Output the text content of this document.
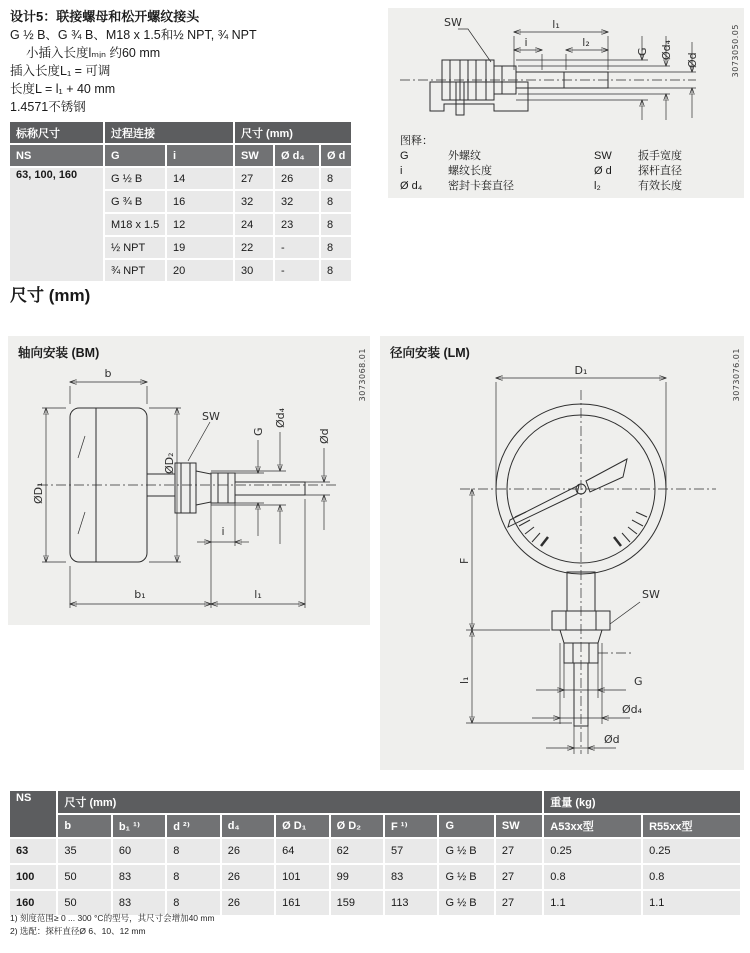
设计5：联接螺母和松开螺纹接头

G ½ B、G ¾ B、M18 x 1.5和½ NPT, ¾ NPT

小插入长度lₘᵢₙ 约60 mm

插入长度L₁ = 可调

长度L = l₁ + 40 mm

1.4571不锈钢

标称尺寸	过程连接		尺寸 (mm)		
NS	G	i	SW	Ø d₄	Ø d
63, 100, 160	G ½ B	14	27	26	8
	G ¾ B	16	32	32	8
	M18 x 1.5	12	24	23	8
	½ NPT	19	22	-	8
	¾ NPT	20	30	-	8
l₁
i	l₂
SW
G Ød₄
Ød	3073050.05
图释：
G	外螺纹	SW	扳手宽度
i	螺纹长度	Ø d	探杆直径
Ø d₄	密封卡套直径	l₂	有效长度
尺寸 (mm)
轴向安装 (BM)	3073068.01
b
ØD₁
ØD₂
SW
G
Ød₄
Ød
i
b₁	l₁
径向安装 (LM)	3073076.01
D₁
F
l₁
SW
G
Ød₄
Ød
NS	尺寸 (mm)									重量 (kg)	
	b	b₁ ¹⁾	d ²⁾	d₄	Ø D₁	Ø D₂	F ¹⁾	G	SW	A53xx型	R55xx型
63	35	60	8	26	64	62	57	G ½ B	27	0.25	0.25
100	50	83	8	26	101	99	83	G ½ B	27	0.8	0.8
160	50	83	8	26	161	159	113	G ½ B	27	1.1	1.1

1) 刻度范围≥ 0 ... 300 °C的型号，其尺寸会增加40 mm

2) 选配：探杆直径Ø 6、10、12 mm
